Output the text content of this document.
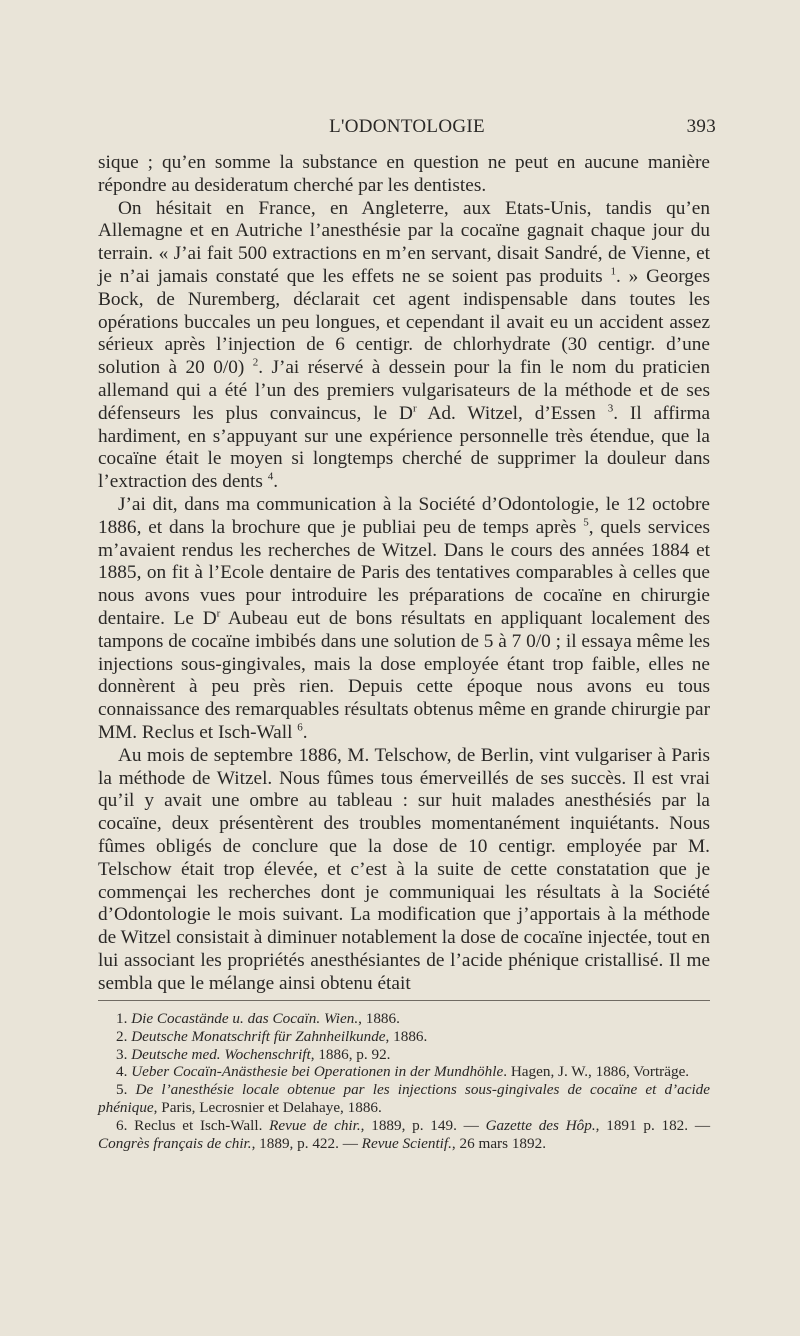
L'ODONTOLOGIE	393

sique ; qu’en somme la substance en question ne peut en aucune manière répondre au desideratum cherché par les dentistes.

On hésitait en France, en Angleterre, aux Etats-Unis, tandis qu’en Allemagne et en Autriche l’anesthésie par la cocaïne gagnait chaque jour du terrain. « J’ai fait 500 extractions en m’en servant, disait Sandré, de Vienne, et je n’ai jamais constaté que les effets ne se soient pas produits $^1$. » Georges Bock, de Nuremberg, déclarait cet agent indispensable dans toutes les opérations buccales un peu longues, et cependant il avait eu un accident assez sérieux après l’injection de 6 centigr. de chlorhydrate (30 centigr. d’une solution à 20 0/0) $^2$. J’ai réservé à dessein pour la fin le nom du praticien allemand qui a été l’un des premiers vulgarisateurs de la méthode et de ses défenseurs les plus convaincus, le $D^r$ Ad. Witzel, d’Essen $^3$. Il affirma hardiment, en s’appuyant sur une expérience personnelle très étendue, que la cocaïne était le moyen si longtemps cherché de supprimer la douleur dans l’extraction des dents $^4$.

J’ai dit, dans ma communication à la Société d’Odontologie, le 12 octobre 1886, et dans la brochure que je publiai peu de temps après $^5$, quels services m’avaient rendus les recherches de Witzel. Dans le cours des années 1884 et 1885, on fit à l’Ecole dentaire de Paris des tentatives comparables à celles que nous avons vues pour introduire les préparations de cocaïne en chirurgie dentaire. Le $D^r$ Aubeau eut de bons résultats en appliquant localement des tampons de cocaïne imbibés dans une solution de 5 à 7 0/0 ; il essaya même les injections sous-gingivales, mais la dose employée étant trop faible, elles ne donnèrent à peu près rien. Depuis cette époque nous avons eu tous connaissance des remarquables résultats obtenus même en grande chirurgie par MM. Reclus et Isch-Wall $^6$.

Au mois de septembre 1886, M. Telschow, de Berlin, vint vulgariser à Paris la méthode de Witzel. Nous fûmes tous émerveillés de ses succès. Il est vrai qu’il y avait une ombre au tableau : sur huit malades anesthésiés par la cocaïne, deux présentèrent des troubles momentanément inquiétants. Nous fûmes obligés de conclure que la dose de 10 centigr. employée par M. Telschow était trop élevée, et c’est à la suite de cette constatation que je commençai les recherches dont je communiquai les résultats à la Société d’Odontologie le mois suivant. La modification que j’apportais à la méthode de Witzel consistait à diminuer notablement la dose de cocaïne injectée, tout en lui associant les propriétés anesthésiantes de l’acide phénique cristallisé. Il me sembla que le mélange ainsi obtenu était

1. Die Cocastände u. das Cocaïn. Wien., 1886.

2. Deutsche Monatschrift für Zahnheilkunde, 1886.

3. Deutsche med. Wochenschrift, 1886, p. 92.

4. Ueber Cocaïn-Anästhesie bei Operationen in der Mundhöhle. Hagen, J. W., 1886, Vorträge.

5. De l’anesthésie locale obtenue par les injections sous-gingivales de cocaïne et d’acide phénique, Paris, Lecrosnier et Delahaye, 1886.

6. Reclus et Isch-Wall. Revue de chir., 1889, p. 149. — Gazette des Hôp., 1891 p. 182. — Congrès français de chir., 1889, p. 422. — Revue Scientif., 26 mars 1892.
